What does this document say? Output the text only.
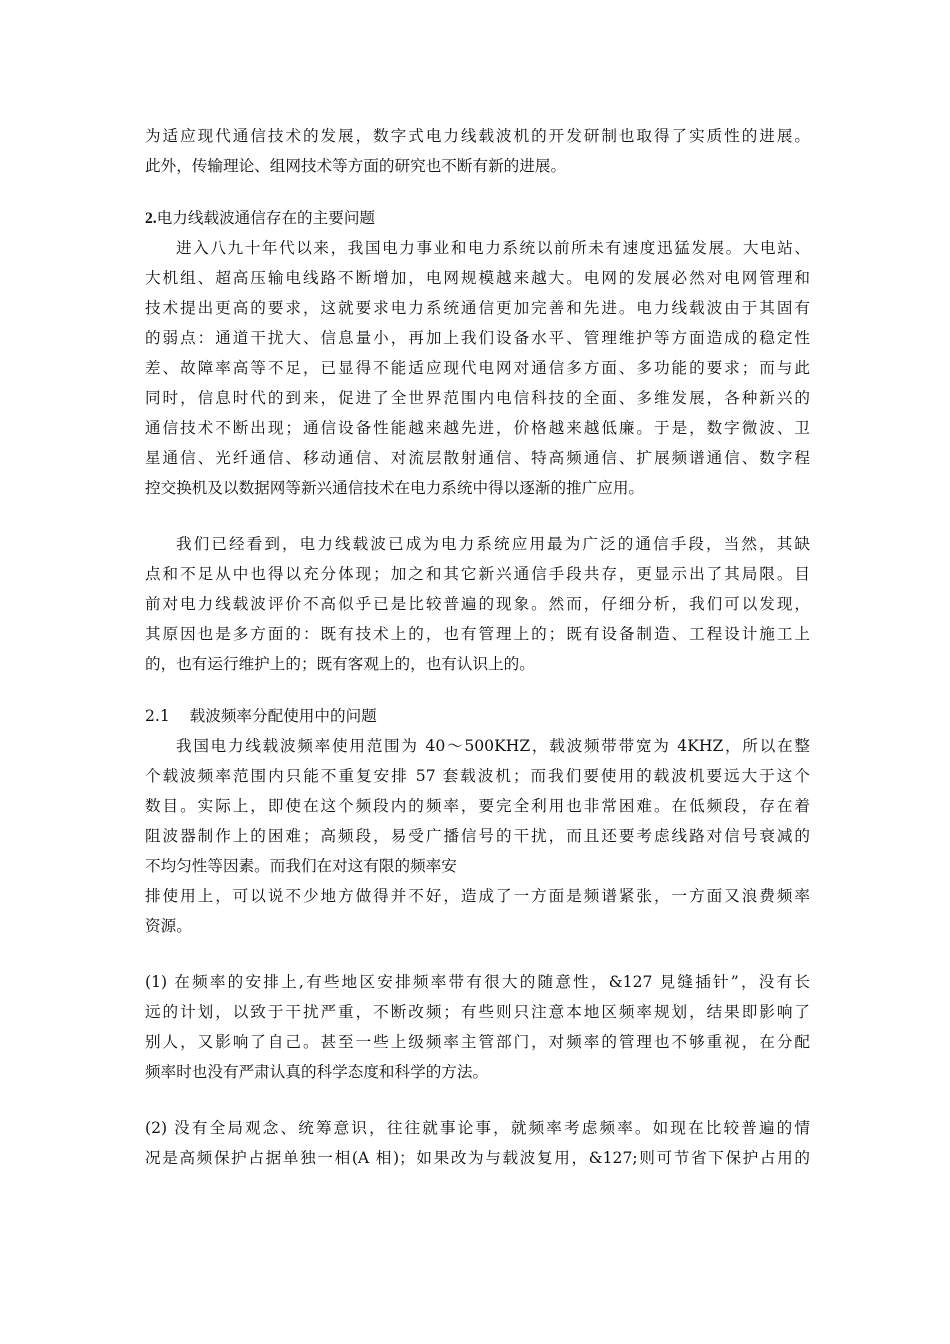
为适应现代通信技术的发展，数字式电力线载波机的开发研制也取得了实质性的进展。
此外，传输理论、组网技术等方面的研究也不断有新的进展。
2.电力线载波通信存在的主要问题
进入八九十年代以来，我国电力事业和电力系统以前所未有速度迅猛发展。大电站、
大机组、超高压输电线路不断增加，电网规模越来越大。电网的发展必然对电网管理和
技术提出更高的要求，这就要求电力系统通信更加完善和先进。电力线载波由于其固有
的弱点：通道干扰大、信息量小，再加上我们设备水平、管理维护等方面造成的稳定性
差、故障率高等不足，已显得不能适应现代电网对通信多方面、多功能的要求；而与此
同时，信息时代的到来，促进了全世界范围内电信科技的全面、多维发展，各种新兴的
通信技术不断出现；通信设备性能越来越先进，价格越来越低廉。于是，数字微波、卫
星通信、光纤通信、移动通信、对流层散射通信、特高频通信、扩展频谱通信、数字程
控交换机及以数据网等新兴通信技术在电力系统中得以逐渐的推广应用。
我们已经看到，电力线载波已成为电力系统应用最为广泛的通信手段，当然，其缺
点和不足从中也得以充分体现；加之和其它新兴通信手段共存，更显示出了其局限。目
前对电力线载波评价不高似乎已是比较普遍的现象。然而，仔细分析，我们可以发现，
其原因也是多方面的：既有技术上的，也有管理上的；既有设备制造、工程设计施工上
的，也有运行维护上的；既有客观上的，也有认识上的。
2.1 载波频率分配使用中的问题
我国电力线载波频率使用范围为 40～500KHZ，载波频带带宽为 4KHZ，所以在整
个载波频率范围内只能不重复安排 57 套载波机；而我们要使用的载波机要远大于这个
数目。实际上，即使在这个频段内的频率，要完全利用也非常困难。在低频段，存在着
阻波器制作上的困难；高频段，易受广播信号的干扰，而且还要考虑线路对信号衰减的
不均匀性等因素。而我们在对这有限的频率安
排使用上，可以说不少地方做得并不好，造成了一方面是频谱紧张，一方面又浪费频率
资源。
(1) 在频率的安排上,有些地区安排频率带有很大的随意性，&127 見缝插针”，没有长
远的计划，以致于干扰严重，不断改频；有些则只注意本地区频率规划，结果即影响了
别人，又影响了自己。甚至一些上级频率主管部门，对频率的管理也不够重视，在分配
频率时也没有严肃认真的科学态度和科学的方法。
(2) 没有全局观念、统筹意识，往往就事论事，就频率考虑频率。如现在比较普遍的情
况是高频保护占据单独一相(A 相)；如果改为与载波复用，&127;则可节省下保护占用的
